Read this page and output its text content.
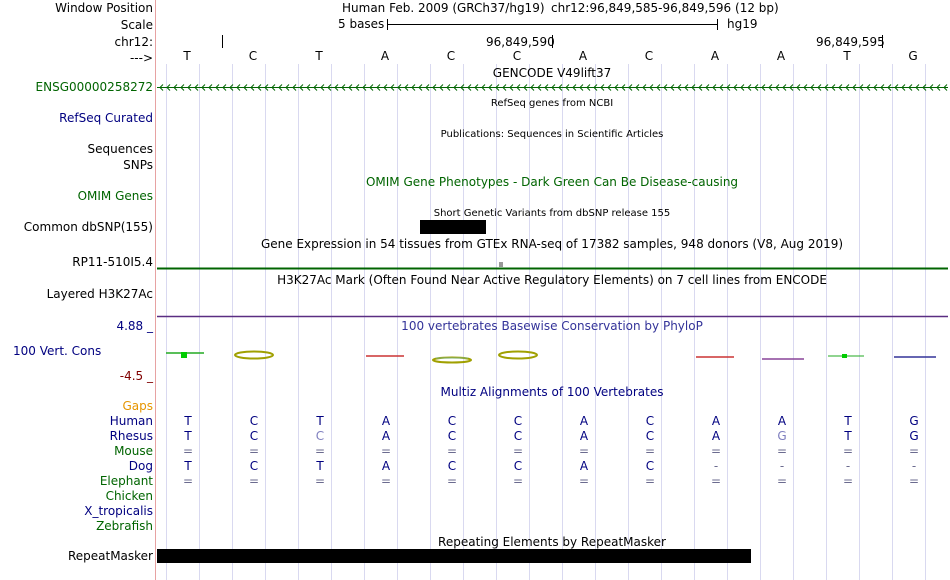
Window Position	Human Feb. 2009 (GRCh37/hg19) chr12:96,849,585-96,849,596 (12 bp)
Scale	5 bases	hg19
chr12:	96,849,590	96,849,595
--->	T	C	T	A	C	C	A	C	A	A	T	G
GENCODE V49lift37
ENSG00000258272
RefSeq genes from NCBI
RefSeq Curated
Publications: Sequences in Scientific Articles
Sequences
SNPs
OMIM Gene Phenotypes - Dark Green Can Be Disease-causing
OMIM Genes
Short Genetic Variants from dbSNP release 155
Common dbSNP(155)
Gene Expression in 54 tissues from GTEx RNA-seq of 17382 samples, 948 donors (V8, Aug 2019)
RP11-510I5.4
H3K27Ac Mark (Often Found Near Active Regulatory Elements) on 7 cell lines from ENCODE
Layered H3K27Ac
4.88 _	100 vertebrates Basewise Conservation by PhyloP
100 Vert. Cons
-4.5 _
Multiz Alignments of 100 Vertebrates
Gaps
Human	T	C	T	A	C	C	A	C	A	A	T	G
Rhesus	T	C	C	A	C	C	A	C	A	G	T	G
Mouse	=	=	=	=	=	=	=	=	=	=	=	=
Dog	T	C	T	A	C	C	A	C	-	-	-	-
Elephant	=	=	=	=	=	=	=	=	=	=	=	=
Chicken
X_tropicalis
Zebrafish
Repeating Elements by RepeatMasker
RepeatMasker
